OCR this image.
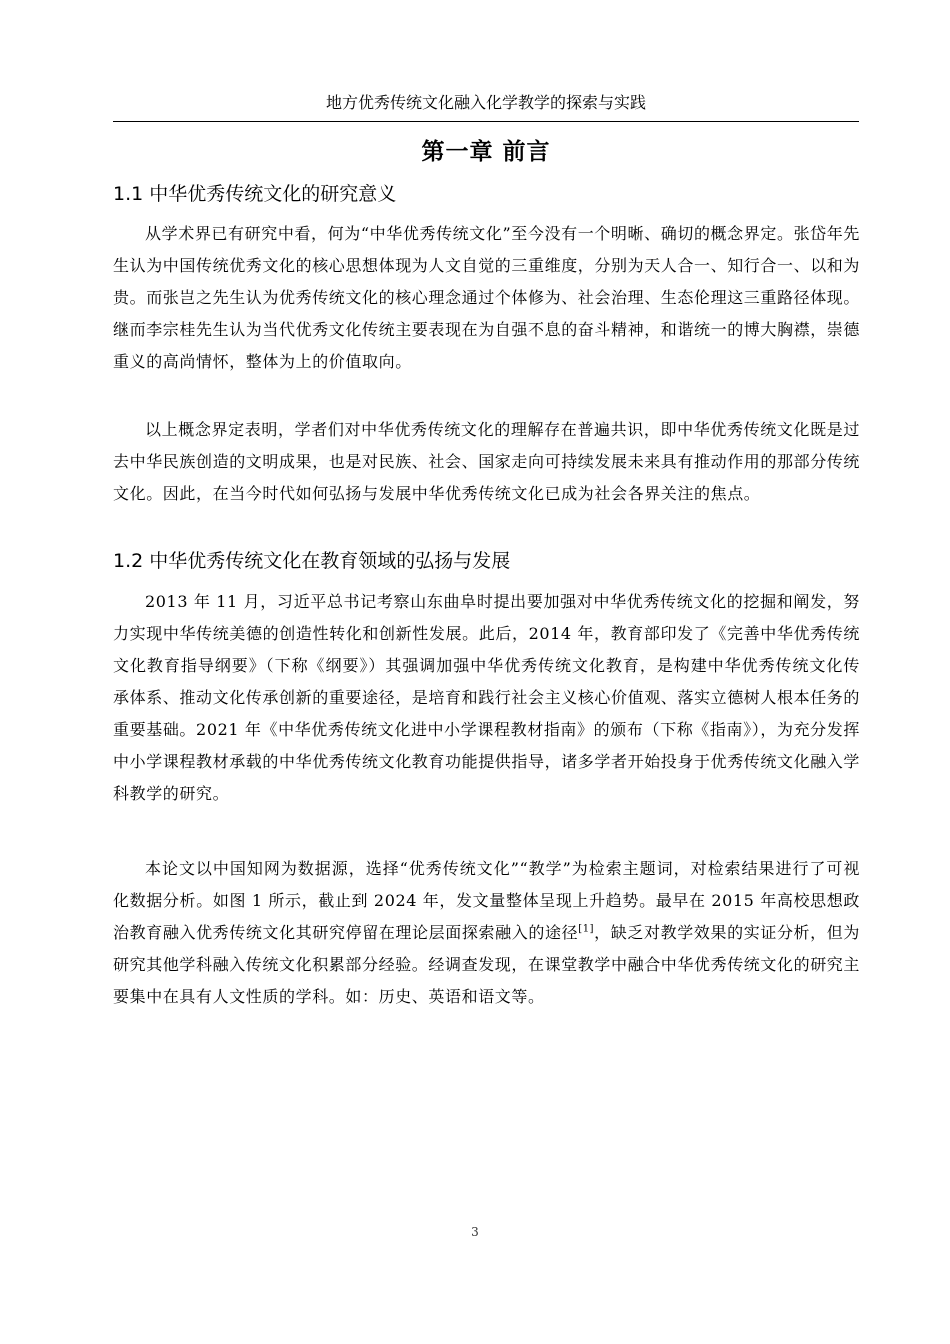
地方优秀传统文化融入化学教学的探索与实践
第一章 前言
1.1 中华优秀传统文化的研究意义

从学术界已有研究中看，何为“中华优秀传统文化”至今没有一个明晰、确切的概念界定。张岱年先生认为中国传统优秀文化的核心思想体现为人文自觉的三重维度，分别为天人合一、知行合一、以和为贵。而张岂之先生认为优秀传统文化的核心理念通过个体修为、社会治理、生态伦理这三重路径体现。继而李宗桂先生认为当代优秀文化传统主要表现在为自强不息的奋斗精神，和谐统一的博大胸襟，崇德重义的高尚情怀，整体为上的价值取向。

以上概念界定表明，学者们对中华优秀传统文化的理解存在普遍共识，即中华优秀传统文化既是过去中华民族创造的文明成果，也是对民族、社会、国家走向可持续发展未来具有推动作用的那部分传统文化。因此，在当今时代如何弘扬与发展中华优秀传统文化已成为社会各界关注的焦点。

1.2 中华优秀传统文化在教育领域的弘扬与发展

2013 年 11 月，习近平总书记考察山东曲阜时提出要加强对中华优秀传统文化的挖掘和阐发，努力实现中华传统美德的创造性转化和创新性发展。此后，2014 年，教育部印发了《完善中华优秀传统文化教育指导纲要》（下称《纲要》）其强调加强中华优秀传统文化教育，是构建中华优秀传统文化传承体系、推动文化传承创新的重要途径，是培育和践行社会主义核心价值观、落实立德树人根本任务的重要基础。2021 年《中华优秀传统文化进中小学课程教材指南》的颁布（下称《指南》），为充分发挥中小学课程教材承载的中华优秀传统文化教育功能提供指导，诸多学者开始投身于优秀传统文化融入学科教学的研究。

本论文以中国知网为数据源，选择“优秀传统文化”“教学”为检索主题词，对检索结果进行了可视化数据分析。如图 1 所示，截止到 2024 年，发文量整体呈现上升趋势。最早在 2015 年高校思想政治教育融入优秀传统文化其研究停留在理论层面探索融入的途径[1]，缺乏对教学效果的实证分析，但为研究其他学科融入传统文化积累部分经验。经调查发现，在课堂教学中融合中华优秀传统文化的研究主要集中在具有人文性质的学科。如：历史、英语和语文等。

3
